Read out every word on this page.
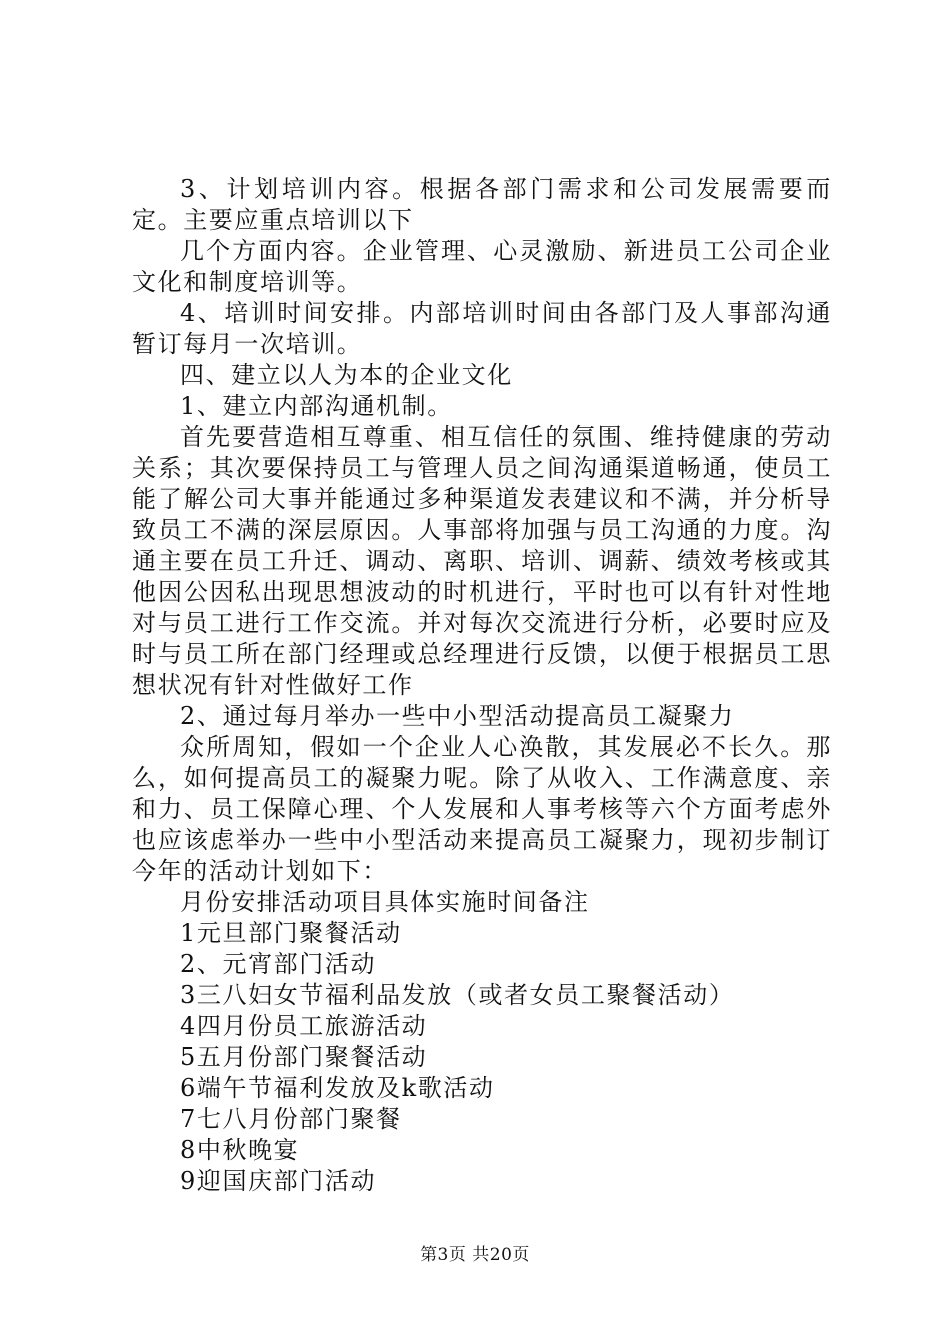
3、计划培训内容。根据各部门需求和公司发展需要而定。主要应重点培训以下

几个方面内容。企业管理、心灵激励、新进员工公司企业文化和制度培训等。

4、培训时间安排。内部培训时间由各部门及人事部沟通暂订每月一次培训。

四、建立以人为本的企业文化

1、建立内部沟通机制。

首先要营造相互尊重、相互信任的氛围、维持健康的劳动关系；其次要保持员工与管理人员之间沟通渠道畅通，使员工能了解公司大事并能通过多种渠道发表建议和不满，并分析导致员工不满的深层原因。人事部将加强与员工沟通的力度。沟通主要在员工升迁、调动、离职、培训、调薪、绩效考核或其他因公因私出现思想波动的时机进行，平时也可以有针对性地对与员工进行工作交流。并对每次交流进行分析，必要时应及时与员工所在部门经理或总经理进行反馈，以便于根据员工思想状况有针对性做好工作

2、通过每月举办一些中小型活动提高员工凝聚力

众所周知，假如一个企业人心涣散，其发展必不长久。那么，如何提高员工的凝聚力呢。除了从收入、工作满意度、亲和力、员工保障心理、个人发展和人事考核等六个方面考虑外也应该虑举办一些中小型活动来提高员工凝聚力，现初步制订今年的活动计划如下：

月份安排活动项目具体实施时间备注

1元旦部门聚餐活动

2、元宵部门活动

3三八妇女节福利品发放（或者女员工聚餐活动）

4四月份员工旅游活动

5五月份部门聚餐活动

6端午节福利发放及k歌活动

7七八月份部门聚餐

8中秋晚宴

9迎国庆部门活动

第3页 共20页
